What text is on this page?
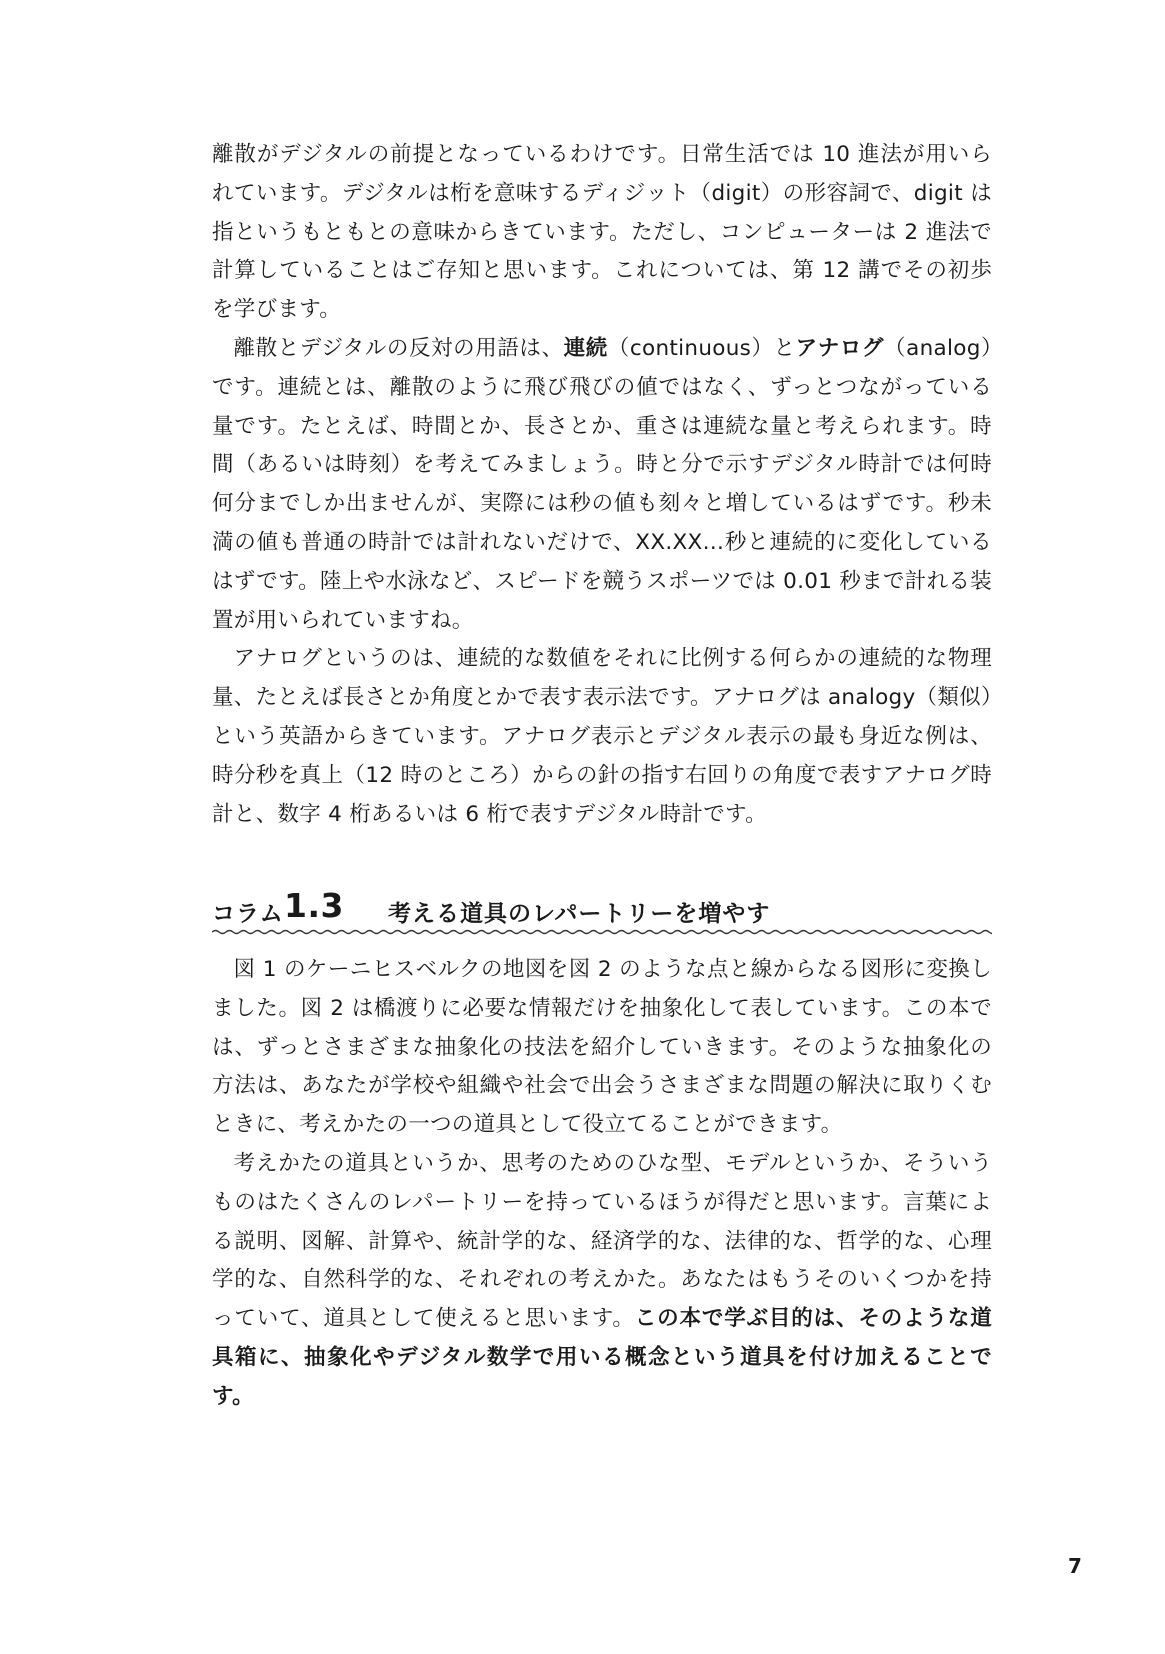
離散がデジタルの前提となっているわけです。日常生活では 10 進法が用いられています。デジタルは桁を意味するディジット（digit）の形容詞で、digit は指というもともとの意味からきています。ただし、コンピューターは 2 進法で計算していることはご存知と思います。これについては、第 12 講でその初歩を学びます。

離散とデジタルの反対の用語は、連続（continuous）とアナログ（analog）です。連続とは、離散のように飛び飛びの値ではなく、ずっとつながっている量です。たとえば、時間とか、長さとか、重さは連続な量と考えられます。時間（あるいは時刻）を考えてみましょう。時と分で示すデジタル時計では何時何分までしか出ませんが、実際には秒の値も刻々と増しているはずです。秒未満の値も普通の時計では計れないだけで、XX.XX…秒と連続的に変化しているはずです。陸上や水泳など、スピードを競うスポーツでは 0.01 秒まで計れる装置が用いられていますね。

アナログというのは、連続的な数値をそれに比例する何らかの連続的な物理量、たとえば長さとか角度とかで表す表示法です。アナログは analogy（類似）という英語からきています。アナログ表示とデジタル表示の最も身近な例は、時分秒を真上（12 時のところ）からの針の指す右回りの角度で表すアナログ時計と、数字 4 桁あるいは 6 桁で表すデジタル時計です。

コラム 1.3 考える道具のレパートリーを増やす

図 1 のケーニヒスベルクの地図を図 2 のような点と線からなる図形に変換しました。図 2 は橋渡りに必要な情報だけを抽象化して表しています。この本では、ずっとさまざまな抽象化の技法を紹介していきます。そのような抽象化の方法は、あなたが学校や組織や社会で出会うさまざまな問題の解決に取りくむときに、考えかたの一つの道具として役立てることができます。

考えかたの道具というか、思考のためのひな型、モデルというか、そういうものはたくさんのレパートリーを持っているほうが得だと思います。言葉による説明、図解、計算や、統計学的な、経済学的な、法律的な、哲学的な、心理学的な、自然科学的な、それぞれの考えかた。あなたはもうそのいくつかを持っていて、道具として使えると思います。この本で学ぶ目的は、そのような道具箱に、抽象化やデジタル数学で用いる概念という道具を付け加えることです。

7
